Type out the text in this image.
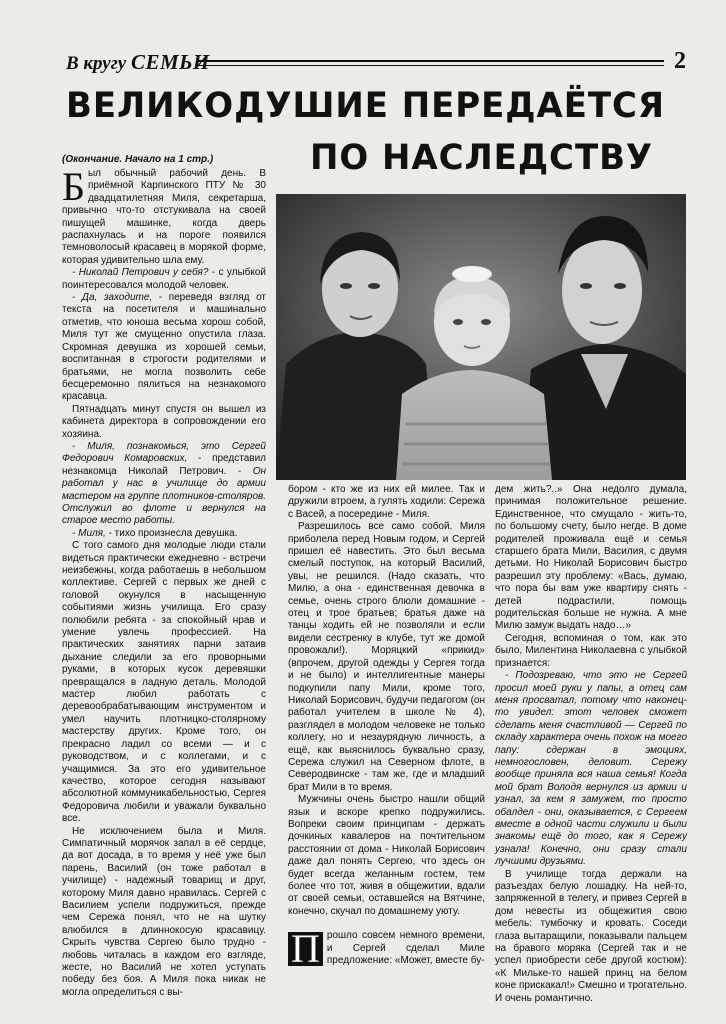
В кругу СЕМЬИ	2
ВЕЛИКОДУШИЕ ПЕРЕДАЁТСЯ
ПО НАСЛЕДСТВУ
(Окончание. Начало на 1 стр.)

Был обычный рабочий день. В приёмной Карпинского ПТУ № 30 двадцатилетняя Миля, секретарша, привычно что-то отстукивала на своей пишущей машинке, когда дверь распахнулась и на пороге появился темноволосый красавец в морякой форме, которая удивительно шла ему.

- Николай Петрович у себя? - с улыбкой поинтересовался молодой человек.

- Да, заходите, - переведя взгляд от текста на посетителя и машинально отметив, что юноша весьма хорош собой, Миля тут же смущенно опустила глаза. Скромная девушка из хорошей семьи, воспитанная в строгости родителями и братьями, не могла позволить себе бесцеремонно пялиться на незнакомого красавца.

Пятнадцать минут спустя он вышел из кабинета директора в сопровождении его хозяина.

- Миля, познакомься, это Сергей Федорович Комаровских, - представил незнакомца Николай Петрович. - Он работал у нас в училище до армии мастером на группе плотников-столяров. Отслужил во флоте и вернулся на старое место работы.

- Миля, - тихо произнесла девушка.

С того самого дня молодые люди стали видеться практически ежедневно - встречи неизбежны, когда работаешь в небольшом коллективе. Сергей с первых же дней с головой окунулся в насыщенную событиями жизнь училища. Его сразу полюбили ребята - за спокойный нрав и умение увлечь профессией. На практических занятиях парни затаив дыхание следили за его проворными руками, в которых кусок деревяшки превращался в ладную деталь. Молодой мастер любил работать с деревообрабатывающим инструментом и умел научить плотницко-столярному мастерству других. Кроме того, он прекрасно ладил со всеми — и с руководством, и с коллегами, и с учащимися. За это его удивительное качество, которое сегодня называют абсолютной коммуникабельностью, Сергея Федоровича любили и уважали буквально все.

Не исключением была и Миля. Симпатичный морячок запал в её сердце, да вот досада, в то время у неё уже был парень, Василий (он тоже работал в училище) - надежный товарищ и друг, которому Миля давно нравилась. Сергей с Василием успели подружиться, прежде чем Сережа понял, что не на шутку влюбился в длиннокосую красавицу. Скрыть чувства Сергею было трудно - любовь читалась в каждом его взгляде, жесте, но Василий не хотел уступать победу без боя. А Миля пока никак не могла определиться с вы-

бором - кто же из них ей милее. Так и дружили втроем, а гулять ходили: Сережа с Васей, а посередине - Миля.

Разрешилось все само собой. Миля приболела перед Новым годом, и Сергей пришел её навестить. Это был весьма смелый поступок, на который Василий, увы, не решился. (Надо сказать, что Милю, а она - единственная девочка в семье, очень строго блюли домашние - отец и трое братьев; братья даже на танцы ходить ей не позволяли и если видели сестренку в клубе, тут же домой провожали!). Моряцкий «прикид» (впрочем, другой одежды у Сергея тогда и не было) и интеллигентные манеры подкупили папу Мили, кроме того, Николай Борисович, будучи педагогом (он работал учителем в школе № 4), разглядел в молодом человеке не только коллегу, но и незаурядную личность, а ещё, как выяснилось буквально сразу, Сережа служил на Северном флоте, в Северодвинске - там же, где и младший брат Мили в то время.

Мужчины очень быстро нашли общий язык и вскоре крепко подружились. Вопреки своим принципам - держать дочкиных кавалеров на почтительном расстоянии от дома - Николай Борисович даже дал понять Сергею, что здесь он будет всегда желанным гостем, тем более что тот, живя в общежитии, вдали от своей семьи, оставшейся на Вятчине, конечно, скучал по домашнему уюту.

П рошло совсем немного времени, и Сергей сделал Миле предложение: «Может, вместе бу-

дем жить?..» Она недолго думала, принимая положительное решение. Единственное, что смущало - жить-то, по большому счету, было негде. В доме родителей проживала ещё и семья старшего брата Мили, Василия, с двумя детьми. Но Николай Борисович быстро разрешил эту проблему: «Вась, думаю, что пора бы вам уже квартиру снять - детей подрастили, помощь родительская больше не нужна. А мне Милю замуж выдать надо…»

Сегодня, вспоминая о том, как это было, Милентина Николаевна с улыбкой признается:

- Подозреваю, что это не Сергей просил моей руки у папы, а отец сам меня просватал, потому что наконец-то увидел: этот человек сможет сделать меня счастливой — Сергей по складу характера очень похож на моего папу: сдержан в эмоциях, немногословен, деловит. Сережу вообще приняла вся наша семья! Когда мой брат Володя вернулся из армии и узнал, за кем я замужем, то просто обалдел - они, оказывается, с Сергеем вместе в одной части служили и были знакомы ещё до того, как я Сережу узнала! Конечно, они сразу стали лучшими друзьями.

В училище тогда держали на разъездах белую лошадку. На ней-то, запряженной в телегу, и привез Сергей в дом невесты из общежития свою мебель: тумбочку и кровать. Соседи глаза вытаращили, показывали пальцем на бравого моряка (Сергей так и не успел приобрести себе другой костюм): «К Мильке-то нашей принц на белом коне прискакал!» Смешно и трогательно. И очень романтично.
